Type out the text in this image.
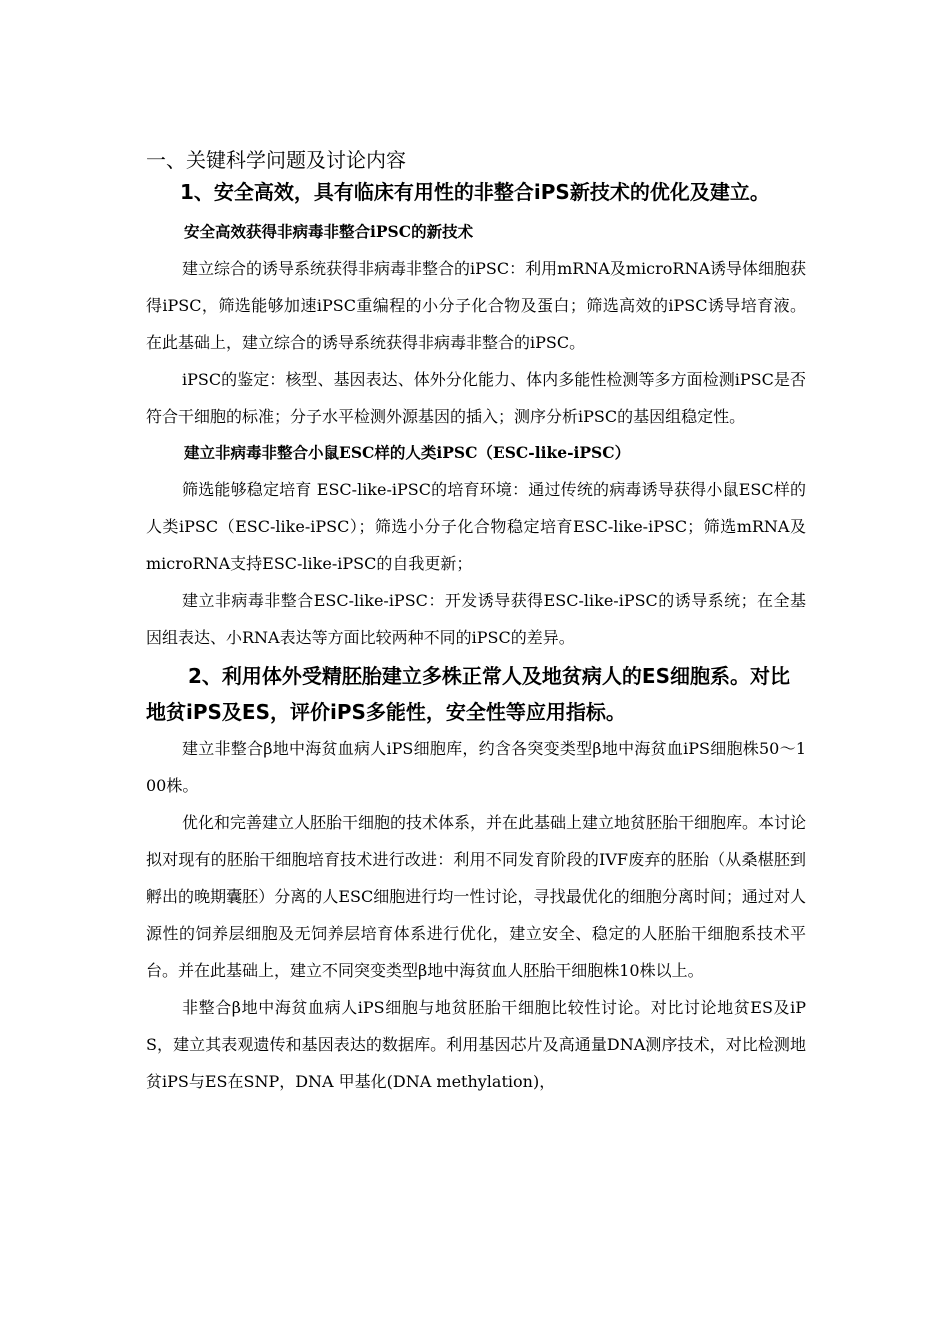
一、关键科学问题及讨论内容
1、安全高效，具有临床有用性的非整合iPS新技术的优化及建立。
安全高效获得非病毒非整合iPSC的新技术

建立综合的诱导系统获得非病毒非整合的iPSC：利用mRNA及microRNA诱导体细胞获得iPSC，筛选能够加速iPSC重编程的小分子化合物及蛋白；筛选高效的iPSC诱导培育液。在此基础上，建立综合的诱导系统获得非病毒非整合的iPSC。

iPSC的鉴定：核型、基因表达、体外分化能力、体内多能性检测等多方面检测iPSC是否符合干细胞的标准；分子水平检测外源基因的插入；测序分析iPSC的基因组稳定性。

建立非病毒非整合小鼠ESC样的人类iPSC（ESC-like-iPSC）

筛选能够稳定培育 ESC-like-iPSC的培育环境：通过传统的病毒诱导获得小鼠ESC样的人类iPSC（ESC-like-iPSC）；筛选小分子化合物稳定培育ESC-like-iPSC；筛选mRNA及microRNA支持ESC-like-iPSC的自我更新；

建立非病毒非整合ESC-like-iPSC：开发诱导获得ESC-like-iPSC的诱导系统；在全基因组表达、小RNA表达等方面比较两种不同的iPSC的差异。

2、利用体外受精胚胎建立多株正常人及地贫病人的ES细胞系。对比地贫iPS及ES，评价iPS多能性，安全性等应用指标。

建立非整合β地中海贫血病人iPS细胞库，约含各突变类型β地中海贫血iPS细胞株50～100株。

优化和完善建立人胚胎干细胞的技术体系，并在此基础上建立地贫胚胎干细胞库。本讨论拟对现有的胚胎干细胞培育技术进行改进：利用不同发育阶段的IVF废弃的胚胎（从桑椹胚到孵出的晚期囊胚）分离的人ESC细胞进行均一性讨论，寻找最优化的细胞分离时间；通过对人源性的饲养层细胞及无饲养层培育体系进行优化，建立安全、稳定的人胚胎干细胞系技术平台。并在此基础上，建立不同突变类型β地中海贫血人胚胎干细胞株10株以上。

非整合β地中海贫血病人iPS细胞与地贫胚胎干细胞比较性讨论。对比讨论地贫ES及iPS，建立其表观遗传和基因表达的数据库。利用基因芯片及高通量DNA测序技术，对比检测地贫iPS与ES在SNP，DNA 甲基化(DNA methylation)，
